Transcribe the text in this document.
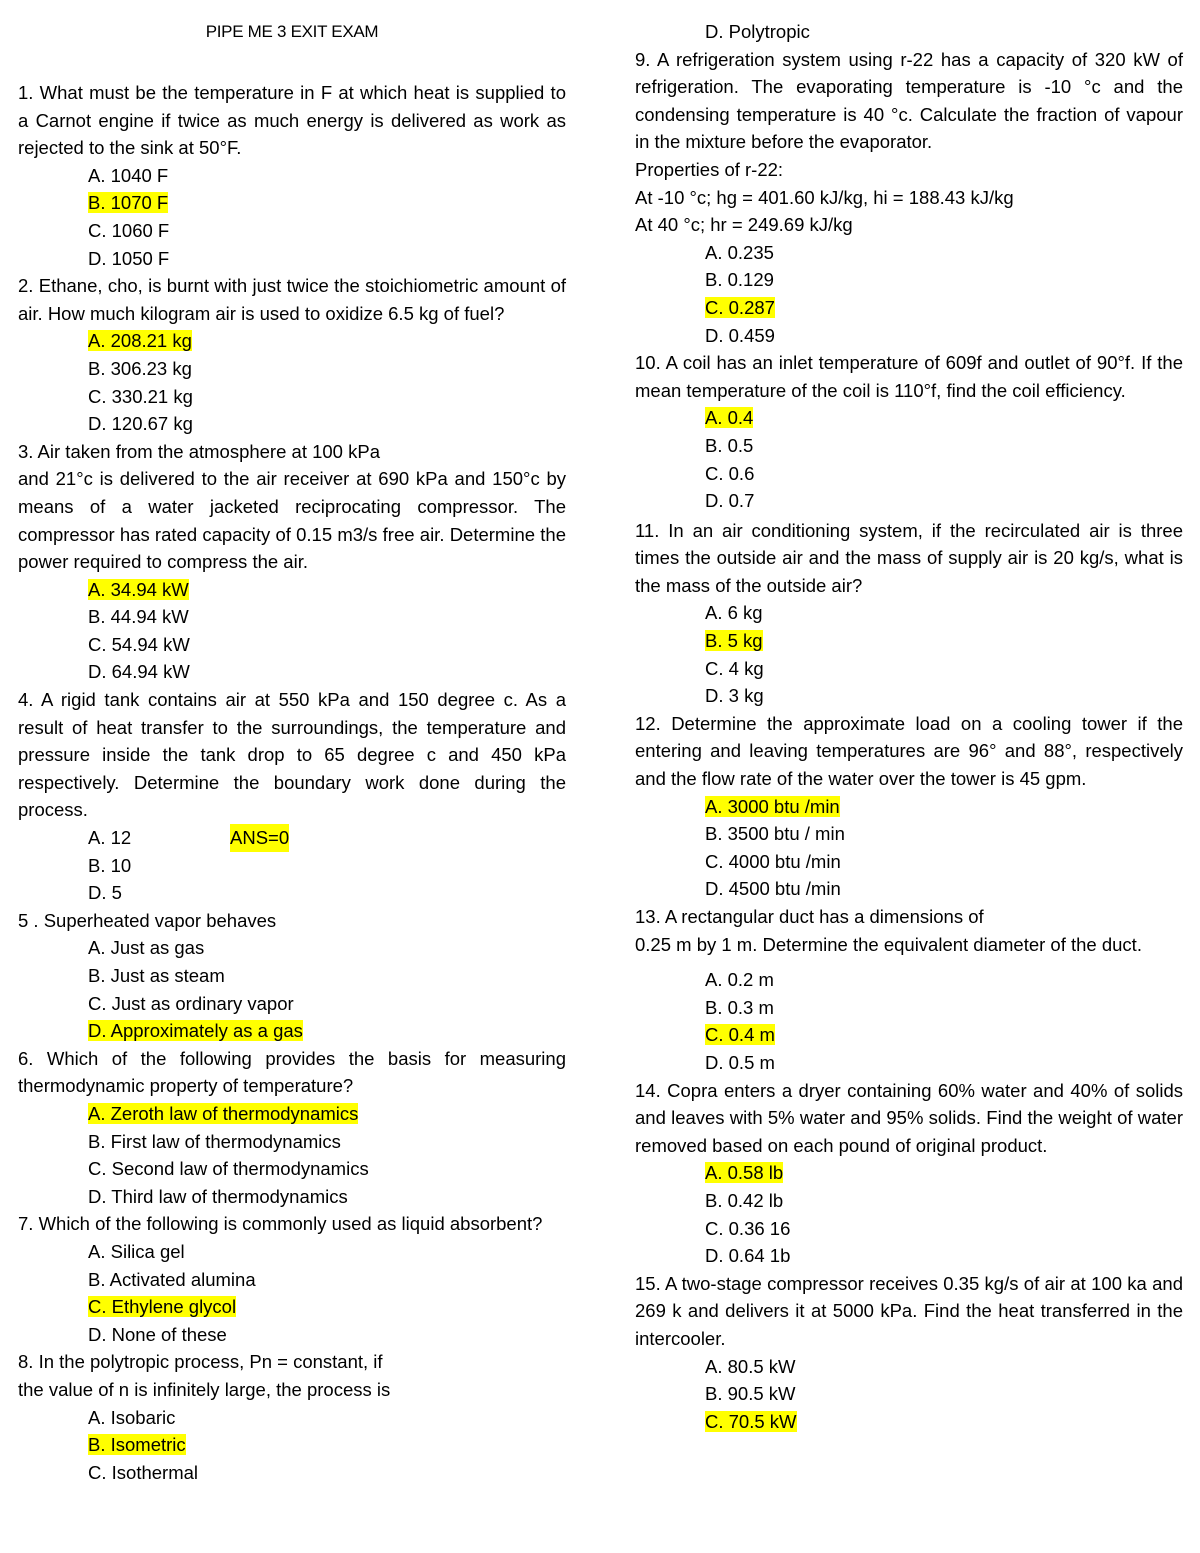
PIPE ME 3 EXIT EXAM

1. What must be the temperature in F at which heat is supplied to a Carnot engine if twice as much energy is delivered as work as rejected to the sink at 50°F.

A. 1040 F
B. 1070 F
C. 1060 F
D. 1050 F

2. Ethane, cho, is burnt with just twice the stoichiometric amount of air. How much kilogram air is used to oxidize 6.5 kg of fuel?

A. 208.21 kg
B. 306.23 kg
C. 330.21 kg
D. 120.67 kg

3. Air taken from the atmosphere at 100 kPa

and 21°c is delivered to the air receiver at 690 kPa and 150°c by means of a water jacketed reciprocating compressor. The compressor has rated capacity of 0.15 m3/s free air. Determine the power required to compress the air.

A. 34.94 kW
B. 44.94 kW
C. 54.94 kW
D. 64.94 kW

4. A rigid tank contains air at 550 kPa and 150 degree c. As a result of heat transfer to the surroundings, the temperature and pressure inside the tank drop to 65 degree c and 450 kPa respectively. Determine the boundary work done during the process.

A. 12	ANS=0
B. 10
D. 5

5 . Superheated vapor behaves

A. Just as gas
B. Just as steam
C. Just as ordinary vapor
D. Approximately as a gas

6. Which of the following provides the basis for measuring thermodynamic property of temperature?

A. Zeroth law of thermodynamics
B. First law of thermodynamics
C. Second law of thermodynamics
D. Third law of thermodynamics

7. Which of the following is commonly used as liquid absorbent?

A. Silica gel
B. Activated alumina
C. Ethylene glycol
D. None of these

8. In the polytropic process, Pn = constant, if

the value of n is infinitely large, the process is

A. Isobaric
B. Isometric
C. Isothermal
D. Polytropic

9. A refrigeration system using r-22 has a capacity of 320 kW of refrigeration. The evaporating temperature is -10 °c and the condensing temperature is 40 °c. Calculate the fraction of vapour in the mixture before the evaporator.

Properties of r-22:
At -10 °c; hg = 401.60 kJ/kg, hi = 188.43 kJ/kg
At 40 °c; hr = 249.69 kJ/kg
A. 0.235
B. 0.129
C. 0.287
D. 0.459

10. A coil has an inlet temperature of 609f and outlet of 90°f. If the mean temperature of the coil is 110°f, find the coil efficiency.

A. 0.4
B. 0.5
C. 0.6
D. 0.7

11. In an air conditioning system, if the recirculated air is three times the outside air and the mass of supply air is 20 kg/s, what is the mass of the outside air?

A. 6 kg
B. 5 kg
C. 4 kg
D. 3 kg

12. Determine the approximate load on a cooling tower if the entering and leaving temperatures are 96° and 88°, respectively and the flow rate of the water over the tower is 45 gpm.

A. 3000 btu /min
B. 3500 btu / min
C. 4000 btu /min
D. 4500 btu /min

13. A rectangular duct has a dimensions of

0.25 m by 1 m. Determine the equivalent diameter of the duct.

A. 0.2 m
B. 0.3 m
C. 0.4 m
D. 0.5 m

14. Copra enters a dryer containing 60% water and 40% of solids and leaves with 5% water and 95% solids. Find the weight of water removed based on each pound of original product.

A. 0.58 lb
B. 0.42 lb
C. 0.36 16
D. 0.64 1b

15. A two-stage compressor receives 0.35 kg/s of air at 100 ka and 269 k and delivers it at 5000 kPa. Find the heat transferred in the intercooler.

A. 80.5 kW
B. 90.5 kW
C. 70.5 kW
